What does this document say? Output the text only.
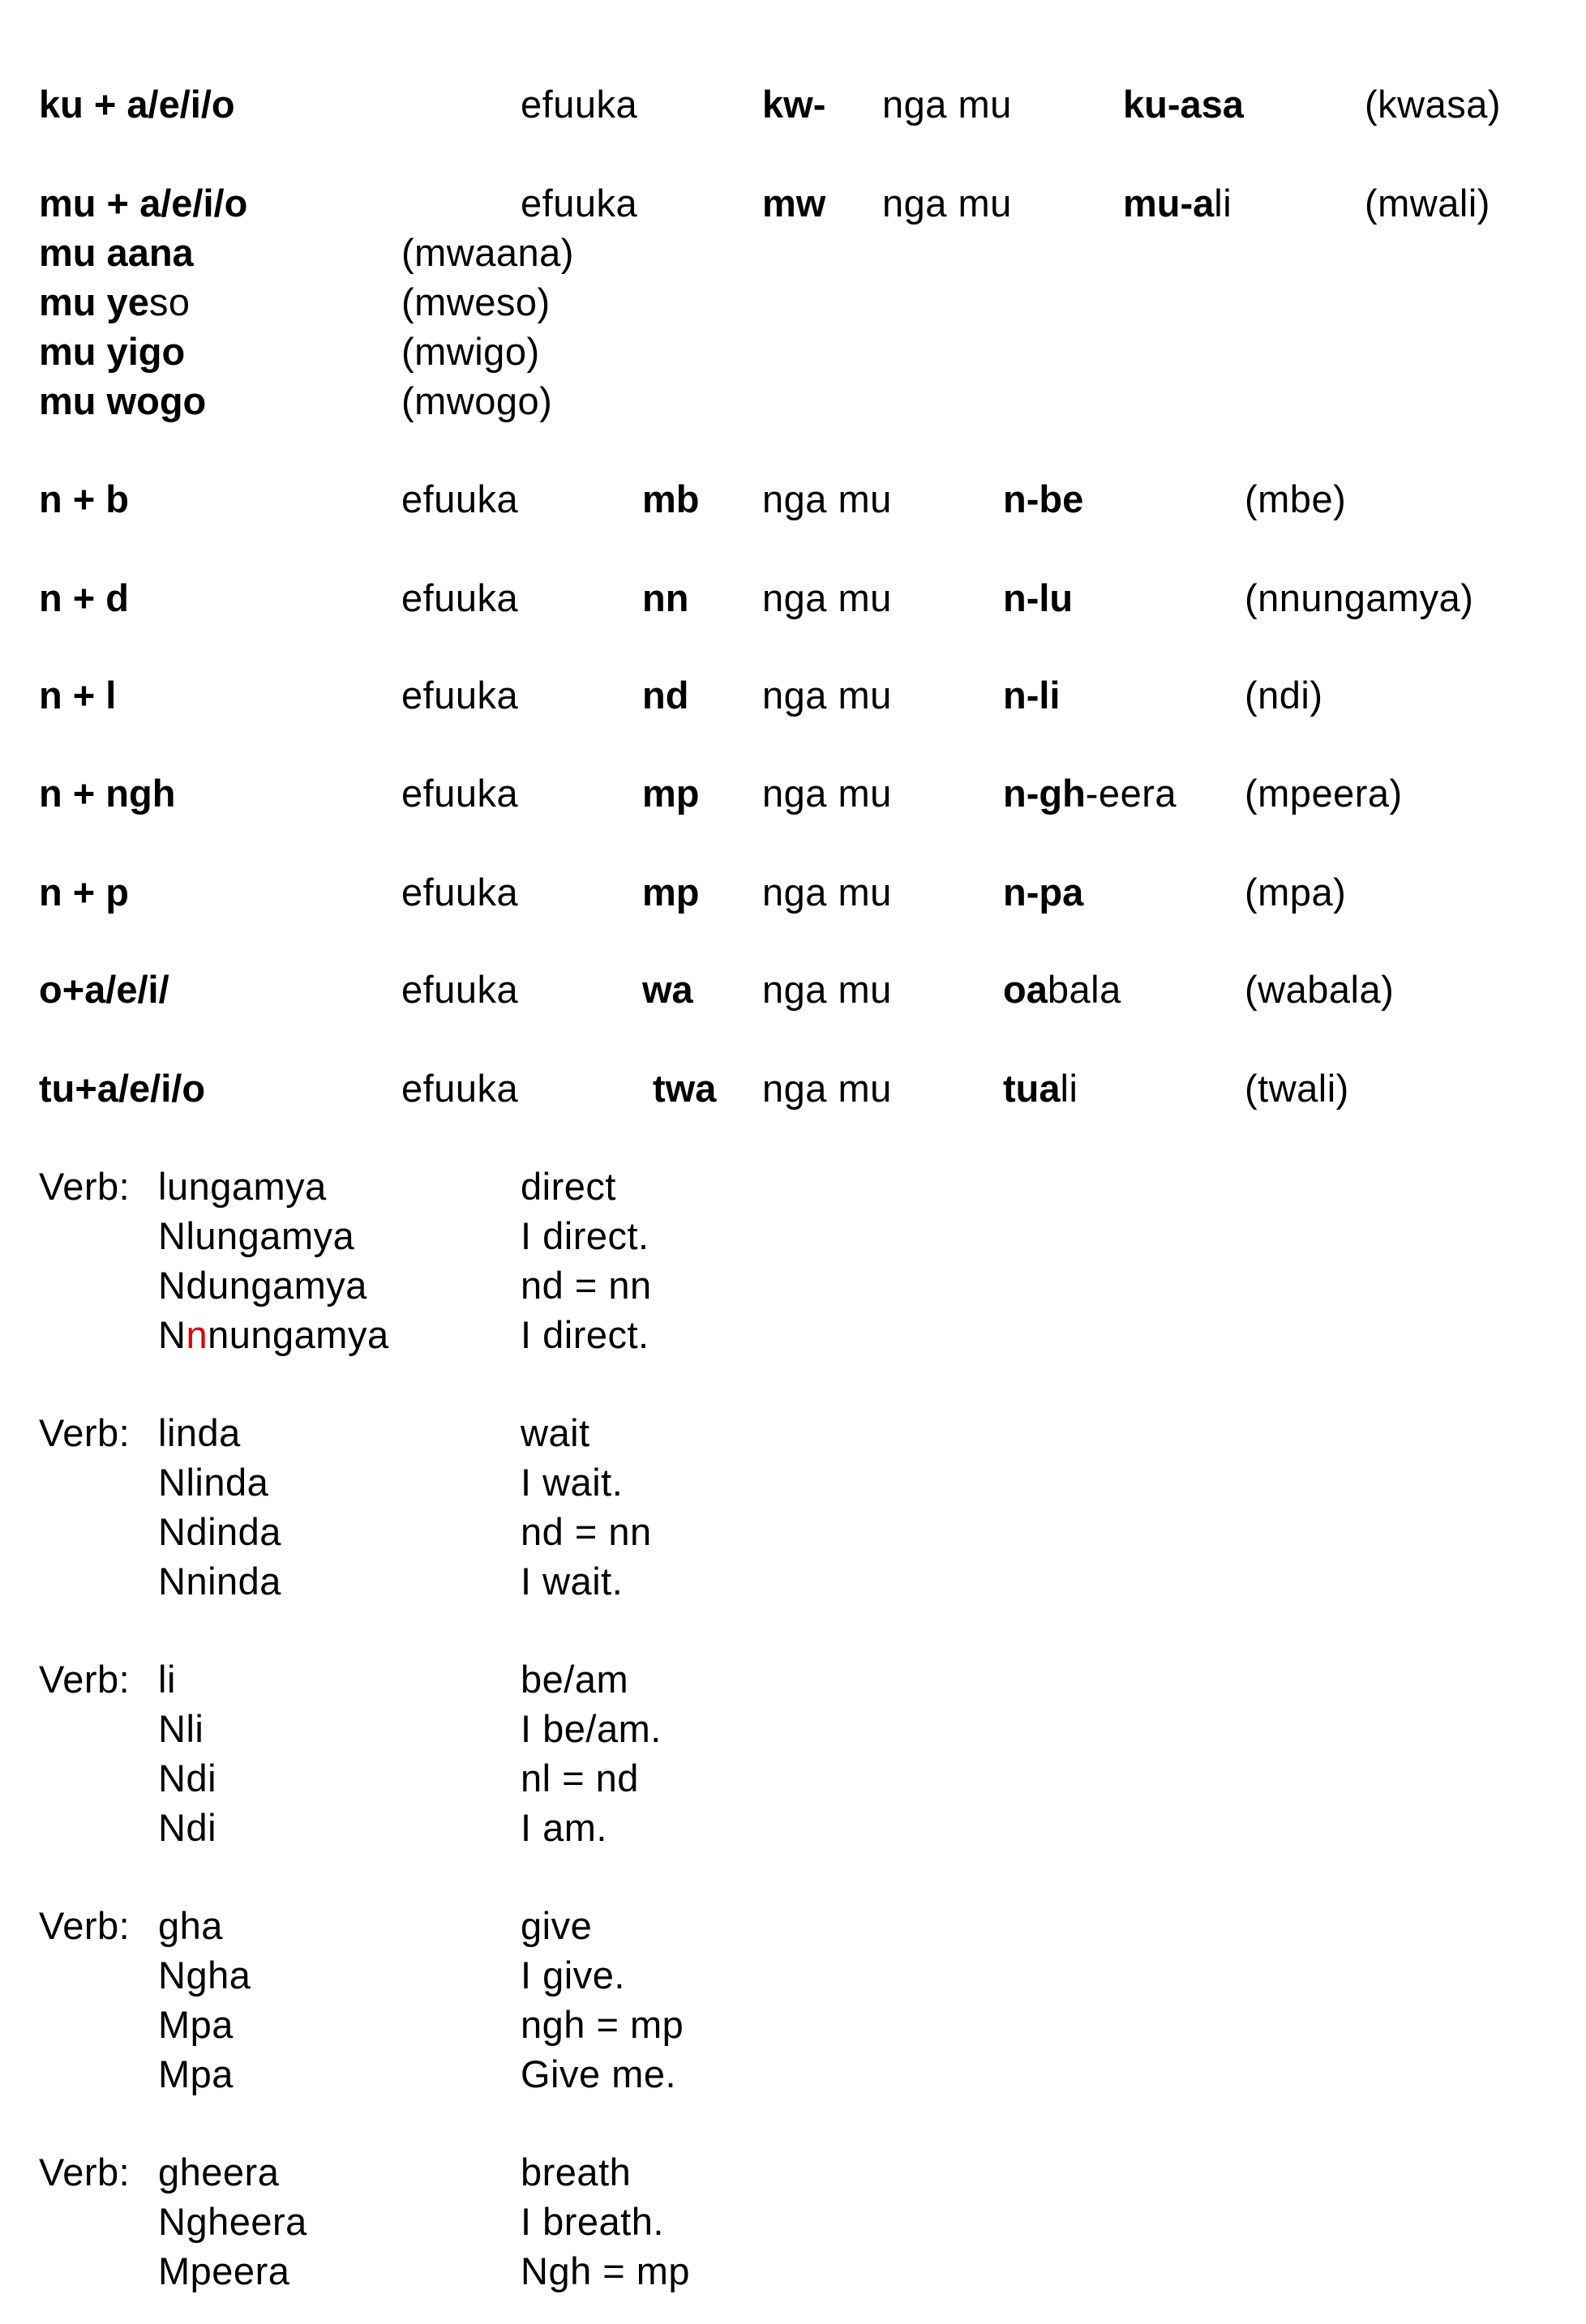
ku + a/e/i/o	efuuka	kw- nga mu	ku-asa	(kwasa)
mu + a/e/i/o	efuuka	mw nga mu	mu-ali	(mwali)
mu aana	(mwaana)
mu yeso	(mweso)
mu yigo	(mwigo)
mu wogo	(mwogo)
n + b	efuuka	mb nga mu	n-be	(mbe)
n + d	efuuka	nn nga mu	n-lu	(nnungamya)
n + l	efuuka	nd nga mu	n-li	(ndi)
n + ngh	efuuka	mp nga mu	n-gh-eera (mpeera)
n + p	efuuka	mp nga mu	n-pa	(mpa)
o+a/e/i/	efuuka	wa nga mu	oabala	(wabala)
tu+a/e/i/o	efuuka	twa nga mu	tuali	(twali)
Verb: lungamya	direct
Nlungamya	I direct.
Ndungamya	nd = nn
Nnnungamya	I direct.
Verb: linda	wait
Nlinda	I wait.
Ndinda	nd = nn
Nninda	I wait.
Verb: li	be/am
Nli	I be/am.
Ndi	nl = nd
Ndi	I am.
Verb: gha	give
Ngha	I give.
Mpa	ngh = mp
Mpa	Give me.
Verb: gheera	breath
Ngheera	I breath.
Mpeera	Ngh = mp
